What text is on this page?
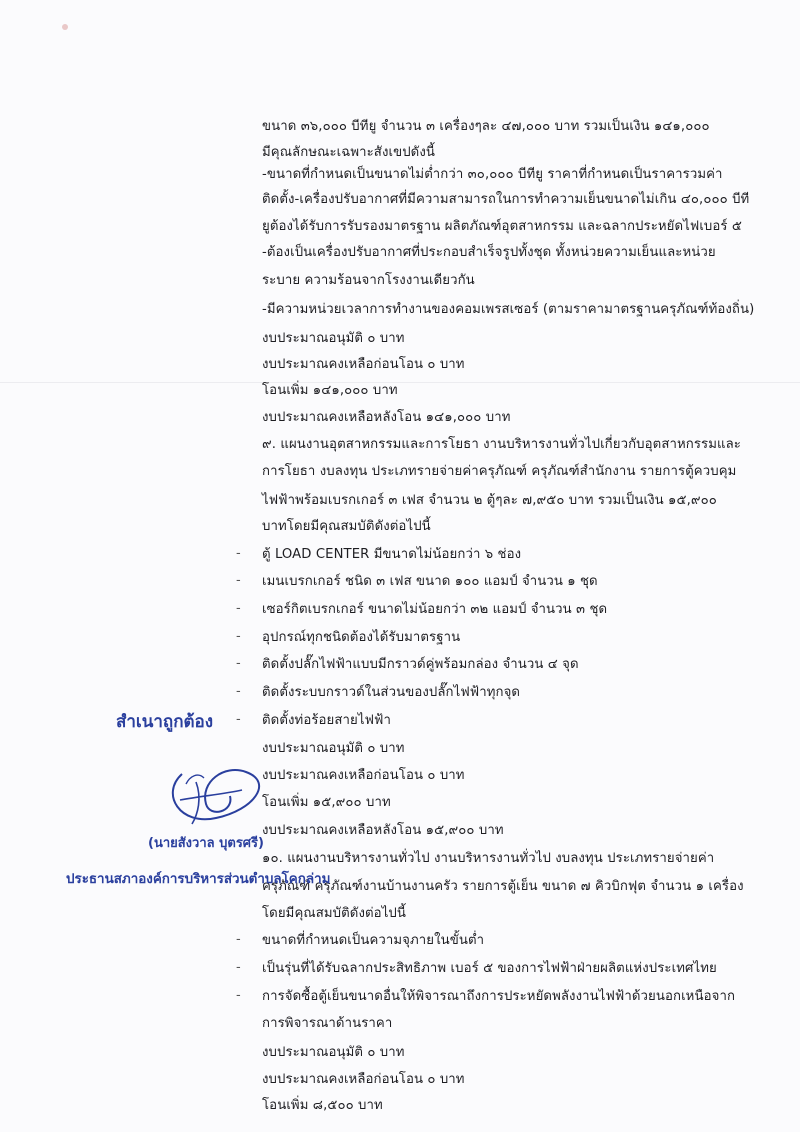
ขนาด ๓๖,๐๐๐ บีทียู จำนวน ๓ เครื่องๆละ ๔๗,๐๐๐ บาท รวมเป็นเงิน ๑๔๑,๐๐๐
มีคุณลักษณะเฉพาะสังเขปดังนี้
-ขนาดที่กำหนดเป็นขนาดไม่ต่ำกว่า ๓๐,๐๐๐ บีทียู ราคาที่กำหนดเป็นราคารวมค่า
ติดตั้ง-เครื่องปรับอากาศที่มีความสามารถในการทำความเย็นขนาดไม่เกิน ๔๐,๐๐๐ บีที
ยูต้องได้รับการรับรองมาตรฐาน ผลิตภัณฑ์อุตสาหกรรม และฉลากประหยัดไฟเบอร์ ๕
-ต้องเป็นเครื่องปรับอากาศที่ประกอบสำเร็จรูปทั้งชุด ทั้งหน่วยความเย็นและหน่วย
ระบาย ความร้อนจากโรงงานเดียวกัน
-มีความหน่วยเวลาการทำงานของคอมเพรสเซอร์ (ตามราคามาตรฐานครุภัณฑ์ท้องถิ่น)
งบประมาณอนุมัติ ๐ บาท
งบประมาณคงเหลือก่อนโอน ๐ บาท
โอนเพิ่ม ๑๔๑,๐๐๐ บาท
งบประมาณคงเหลือหลังโอน ๑๔๑,๐๐๐ บาท
๙. แผนงานอุตสาหกรรมและการโยธา งานบริหารงานทั่วไปเกี่ยวกับอุตสาหกรรมและ
การโยธา งบลงทุน ประเภทรายจ่ายค่าครุภัณฑ์ ครุภัณฑ์สำนักงาน รายการตู้ควบคุม
ไฟฟ้าพร้อมเบรกเกอร์ ๓ เฟส จำนวน ๒ ตู้ๆละ ๗,๙๕๐ บาท รวมเป็นเงิน ๑๕,๙๐๐
บาทโดยมีคุณสมบัติดังต่อไปนี้
- ตู้ LOAD CENTER มีขนาดไม่น้อยกว่า ๖ ช่อง
- เมนเบรกเกอร์ ชนิด ๓ เฟส ขนาด ๑๐๐ แอมป์ จำนวน ๑ ชุด
- เซอร์กิตเบรกเกอร์ ขนาดไม่น้อยกว่า ๓๒ แอมป์ จำนวน ๓ ชุด
- อุปกรณ์ทุกชนิดต้องได้รับมาตรฐาน
- ติดตั้งปลั๊กไฟฟ้าแบบมีกราวด์คู่พร้อมกล่อง จำนวน ๔ จุด
- ติดตั้งระบบกราวด์ในส่วนของปลั๊กไฟฟ้าทุกจุด
- ติดตั้งท่อร้อยสายไฟฟ้า
งบประมาณอนุมัติ ๐ บาท
งบประมาณคงเหลือก่อนโอน ๐ บาท
โอนเพิ่ม ๑๕,๙๐๐ บาท
งบประมาณคงเหลือหลังโอน ๑๕,๙๐๐ บาท
๑๐. แผนงานบริหารงานทั่วไป งานบริหารงานทั่วไป งบลงทุน ประเภทรายจ่ายค่า
ครุภัณฑ์ ครุภัณฑ์งานบ้านงานครัว รายการตู้เย็น ขนาด ๗ คิวบิกฟุต จำนวน ๑ เครื่อง
โดยมีคุณสมบัติดังต่อไปนี้
- ขนาดที่กำหนดเป็นความจุภายในขั้นต่ำ
- เป็นรุ่นที่ได้รับฉลากประสิทธิภาพ เบอร์ ๕ ของการไฟฟ้าฝ่ายผลิตแห่งประเทศไทย
- การจัดซื้อตู้เย็นขนาดอื่นให้พิจารณาถึงการประหยัดพลังงานไฟฟ้าด้วยนอกเหนือจาก
การพิจารณาด้านราคา
งบประมาณอนุมัติ ๐ บาท
งบประมาณคงเหลือก่อนโอน ๐ บาท
โอนเพิ่ม ๘,๕๐๐ บาท
สำเนาถูกต้อง
(นายสังวาล บุตรศรี)
ประธานสภาองค์การบริหารส่วนตำบลโคกล่าม
